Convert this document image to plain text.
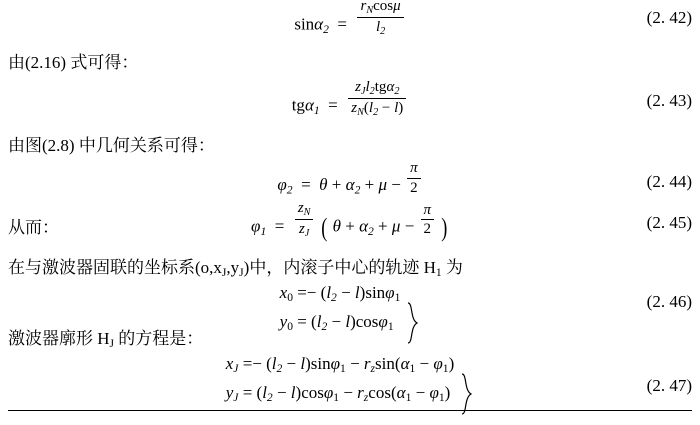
$\sin\alpha_2 = \frac{r_N\cos\mu}{l_2}$	(2. 42)
由(2.16) 式可得：
$tg\alpha_1 = \frac{z_Jl_2tg\alpha_2}{z_N(l_2 - l)}$	(2. 43)
由图(2.8) 中几何关系可得：
$\varphi_2 = \theta + \alpha_2 + \mu - \frac{\pi}{2}$	(2. 44)
从而：	$\varphi_1 = \frac{z_N}{z_J}$ ( $\theta + \alpha_2 + \mu - \frac{\pi}{2}$ )	(2. 45)
在与激波器固联的坐标系$(o,x_J,y_J)$中，内滚子中心的轨迹 $H_1$ 为
$x_0 =- (l_2 - l)\sin\varphi_1$
$y_0 = (l_2 - l)\cos\varphi_1$
(2. 46)
激波器廓形 $H_J$ 的方程是：
$x_J =- (l_2 - l)\sin\varphi_1 - r_z\sin(\alpha_1 - \varphi_1)$
$y_J = (l_2 - l)\cos\varphi_1 - r_z\cos(\alpha_1 - \varphi_1)$	(2. 47)
